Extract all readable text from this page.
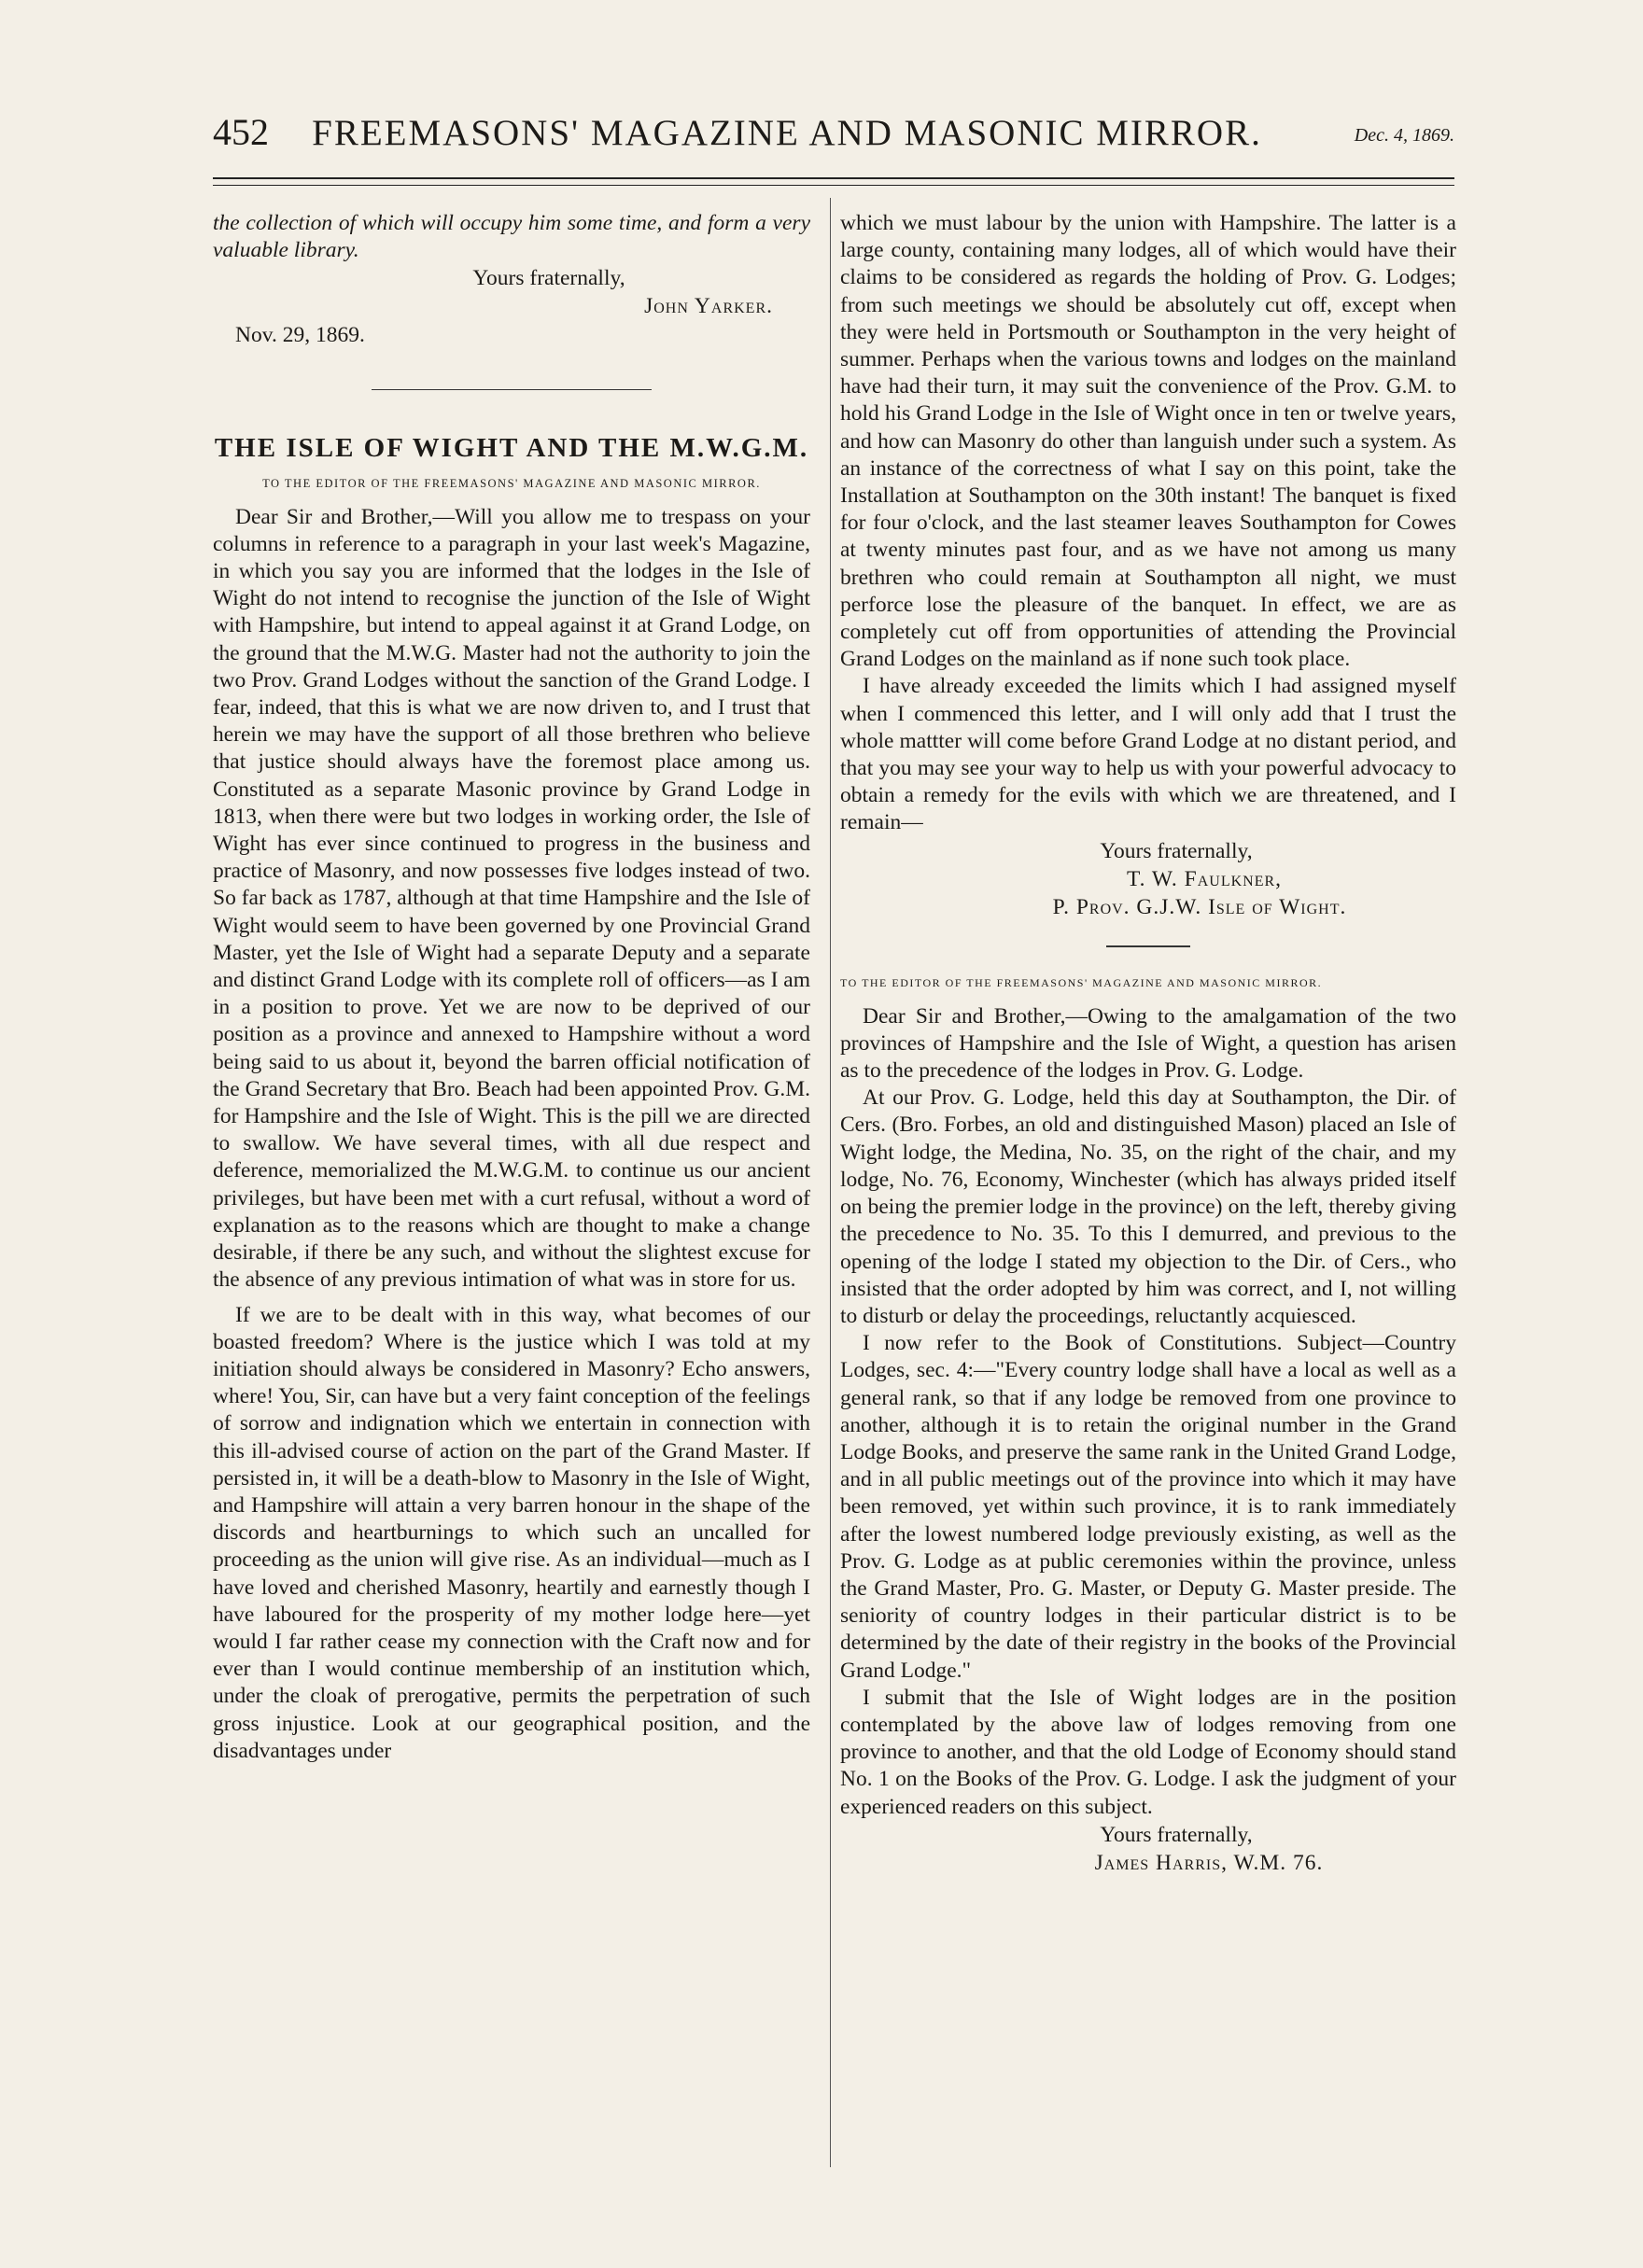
452	FREEMASONS' MAGAZINE AND MASONIC MIRROR.	Dec. 4, 1869.

the collection of which will occupy him some time, and form a very valuable library.

Yours fraternally,
John Yarker.

Nov. 29, 1869.

THE ISLE OF WIGHT AND THE M.W.G.M.
TO THE EDITOR OF THE FREEMASONS' MAGAZINE AND MASONIC MIRROR.

Dear Sir and Brother,—Will you allow me to trespass on your columns in reference to a paragraph in your last week's Magazine, in which you say you are informed that the lodges in the Isle of Wight do not intend to recognise the junction of the Isle of Wight with Hampshire, but intend to appeal against it at Grand Lodge, on the ground that the M.W.G. Master had not the authority to join the two Prov. Grand Lodges without the sanction of the Grand Lodge. I fear, indeed, that this is what we are now driven to, and I trust that herein we may have the support of all those brethren who believe that justice should always have the foremost place among us. Constituted as a separate Masonic province by Grand Lodge in 1813, when there were but two lodges in working order, the Isle of Wight has ever since continued to progress in the business and practice of Masonry, and now possesses five lodges instead of two. So far back as 1787, although at that time Hampshire and the Isle of Wight would seem to have been governed by one Provincial Grand Master, yet the Isle of Wight had a separate Deputy and a separate and distinct Grand Lodge with its complete roll of officers—as I am in a position to prove. Yet we are now to be deprived of our position as a province and annexed to Hampshire without a word being said to us about it, beyond the barren official notification of the Grand Secretary that Bro. Beach had been appointed Prov. G.M. for Hampshire and the Isle of Wight. This is the pill we are directed to swallow. We have several times, with all due respect and deference, memorialized the M.W.G.M. to continue us our ancient privileges, but have been met with a curt refusal, without a word of explanation as to the reasons which are thought to make a change desirable, if there be any such, and without the slightest excuse for the absence of any previous intimation of what was in store for us.

If we are to be dealt with in this way, what becomes of our boasted freedom? Where is the justice which I was told at my initiation should always be considered in Masonry? Echo answers, where! You, Sir, can have but a very faint conception of the feelings of sorrow and indignation which we entertain in connection with this ill-advised course of action on the part of the Grand Master. If persisted in, it will be a death-blow to Masonry in the Isle of Wight, and Hampshire will attain a very barren honour in the shape of the discords and heartburnings to which such an uncalled for proceeding as the union will give rise. As an individual—much as I have loved and cherished Masonry, heartily and earnestly though I have laboured for the prosperity of my mother lodge here—yet would I far rather cease my connection with the Craft now and for ever than I would continue membership of an institution which, under the cloak of prerogative, permits the perpetration of such gross injustice. Look at our geographical position, and the disadvantages under

which we must labour by the union with Hampshire. The latter is a large county, containing many lodges, all of which would have their claims to be considered as regards the holding of Prov. G. Lodges; from such meetings we should be absolutely cut off, except when they were held in Portsmouth or Southampton in the very height of summer. Perhaps when the various towns and lodges on the mainland have had their turn, it may suit the convenience of the Prov. G.M. to hold his Grand Lodge in the Isle of Wight once in ten or twelve years, and how can Masonry do other than languish under such a system. As an instance of the correctness of what I say on this point, take the Installation at Southampton on the 30th instant! The banquet is fixed for four o'clock, and the last steamer leaves Southampton for Cowes at twenty minutes past four, and as we have not among us many brethren who could remain at Southampton all night, we must perforce lose the pleasure of the banquet. In effect, we are as completely cut off from opportunities of attending the Provincial Grand Lodges on the mainland as if none such took place.

I have already exceeded the limits which I had assigned myself when I commenced this letter, and I will only add that I trust the whole mattter will come before Grand Lodge at no distant period, and that you may see your way to help us with your powerful advocacy to obtain a remedy for the evils with which we are threatened, and I remain—

Yours fraternally,
T. W. Faulkner,
P. Prov. G.J.W. Isle of Wight.
TO THE EDITOR OF THE FREEMASONS' MAGAZINE AND MASONIC MIRROR.

Dear Sir and Brother,—Owing to the amalgamation of the two provinces of Hampshire and the Isle of Wight, a question has arisen as to the precedence of the lodges in Prov. G. Lodge.

At our Prov. G. Lodge, held this day at Southampton, the Dir. of Cers. (Bro. Forbes, an old and distinguished Mason) placed an Isle of Wight lodge, the Medina, No. 35, on the right of the chair, and my lodge, No. 76, Economy, Winchester (which has always prided itself on being the premier lodge in the province) on the left, thereby giving the precedence to No. 35. To this I demurred, and previous to the opening of the lodge I stated my objection to the Dir. of Cers., who insisted that the order adopted by him was correct, and I, not willing to disturb or delay the proceedings, reluctantly acquiesced.

I now refer to the Book of Constitutions. Subject—Country Lodges, sec. 4:—"Every country lodge shall have a local as well as a general rank, so that if any lodge be removed from one province to another, although it is to retain the original number in the Grand Lodge Books, and preserve the same rank in the United Grand Lodge, and in all public meetings out of the province into which it may have been removed, yet within such province, it is to rank immediately after the lowest numbered lodge previously existing, as well as the Prov. G. Lodge as at public ceremonies within the province, unless the Grand Master, Pro. G. Master, or Deputy G. Master preside. The seniority of country lodges in their particular district is to be determined by the date of their registry in the books of the Provincial Grand Lodge."

I submit that the Isle of Wight lodges are in the position contemplated by the above law of lodges removing from one province to another, and that the old Lodge of Economy should stand No. 1 on the Books of the Prov. G. Lodge. I ask the judgment of your experienced readers on this subject.

Yours fraternally,
James Harris, W.M. 76.
